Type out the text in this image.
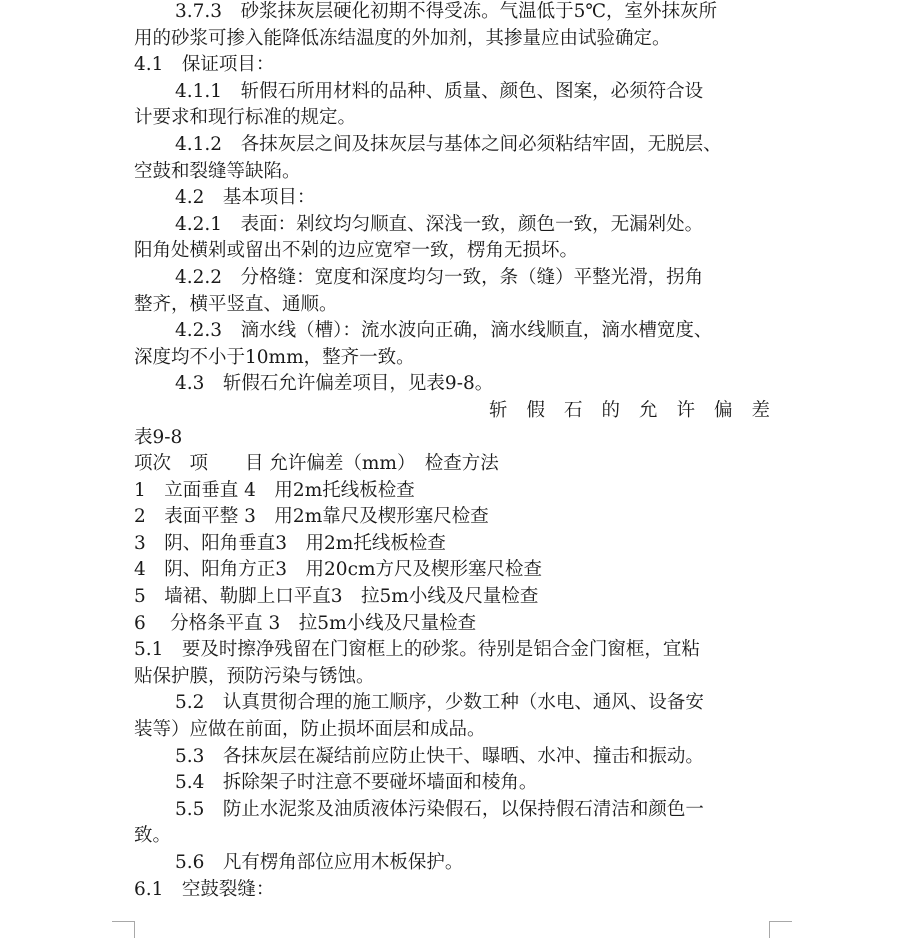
3.7.3　砂浆抹灰层硬化初期不得受冻。气温低于5℃，室外抹灰所
用的砂浆可掺入能降低冻结温度的外加剂，其掺量应由试验确定。
4.1　保证项目：
4.1.1　斩假石所用材料的品种、质量、颜色、图案，必须符合设
计要求和现行标准的规定。
4.1.2　各抹灰层之间及抹灰层与基体之间必须粘结牢固，无脱层、
空鼓和裂缝等缺陷。
4.2　基本项目：
4.2.1　表面：剁纹均匀顺直、深浅一致，颜色一致，无漏剁处。
阳角处横剁或留出不剁的边应宽窄一致，楞角无损坏。
4.2.2　分格缝：宽度和深度均匀一致，条（缝）平整光滑，拐角
整齐，横平竖直、通顺。
4.2.3　滴水线（槽）：流水波向正确，滴水线顺直，滴水槽宽度、
深度均不小于10mm，整齐一致。
4.3　斩假石允许偏差项目，见表9-8。
斩假石的允许偏差
表9-8
项次　项　　目 允许偏差（mm）　检查方法
1　立面垂直 4　用2m托线板检查
2　表面平整 3　用2m靠尺及楔形塞尺检查
3　阴、阳角垂直3　用2m托线板检查
4　阴、阳角方正3　用20cm方尺及楔形塞尺检查
5　墙裙、勒脚上口平直3　拉5m小线及尺量检查
6　 分格条平直 3　拉5m小线及尺量检查
5.1　要及时擦净残留在门窗框上的砂浆。待别是铝合金门窗框，宜粘
贴保护膜，预防污染与锈蚀。
5.2　认真贯彻合理的施工顺序，少数工种（水电、通风、设备安
装等）应做在前面，防止损坏面层和成品。
5.3　各抹灰层在凝结前应防止快干、曝晒、水冲、撞击和振动。
5.4　拆除架子时注意不要碰坏墙面和棱角。
5.5　防止水泥浆及油质液体污染假石，以保持假石清洁和颜色一
致。
5.6　凡有楞角部位应用木板保护。
6.1　空鼓裂缝：
